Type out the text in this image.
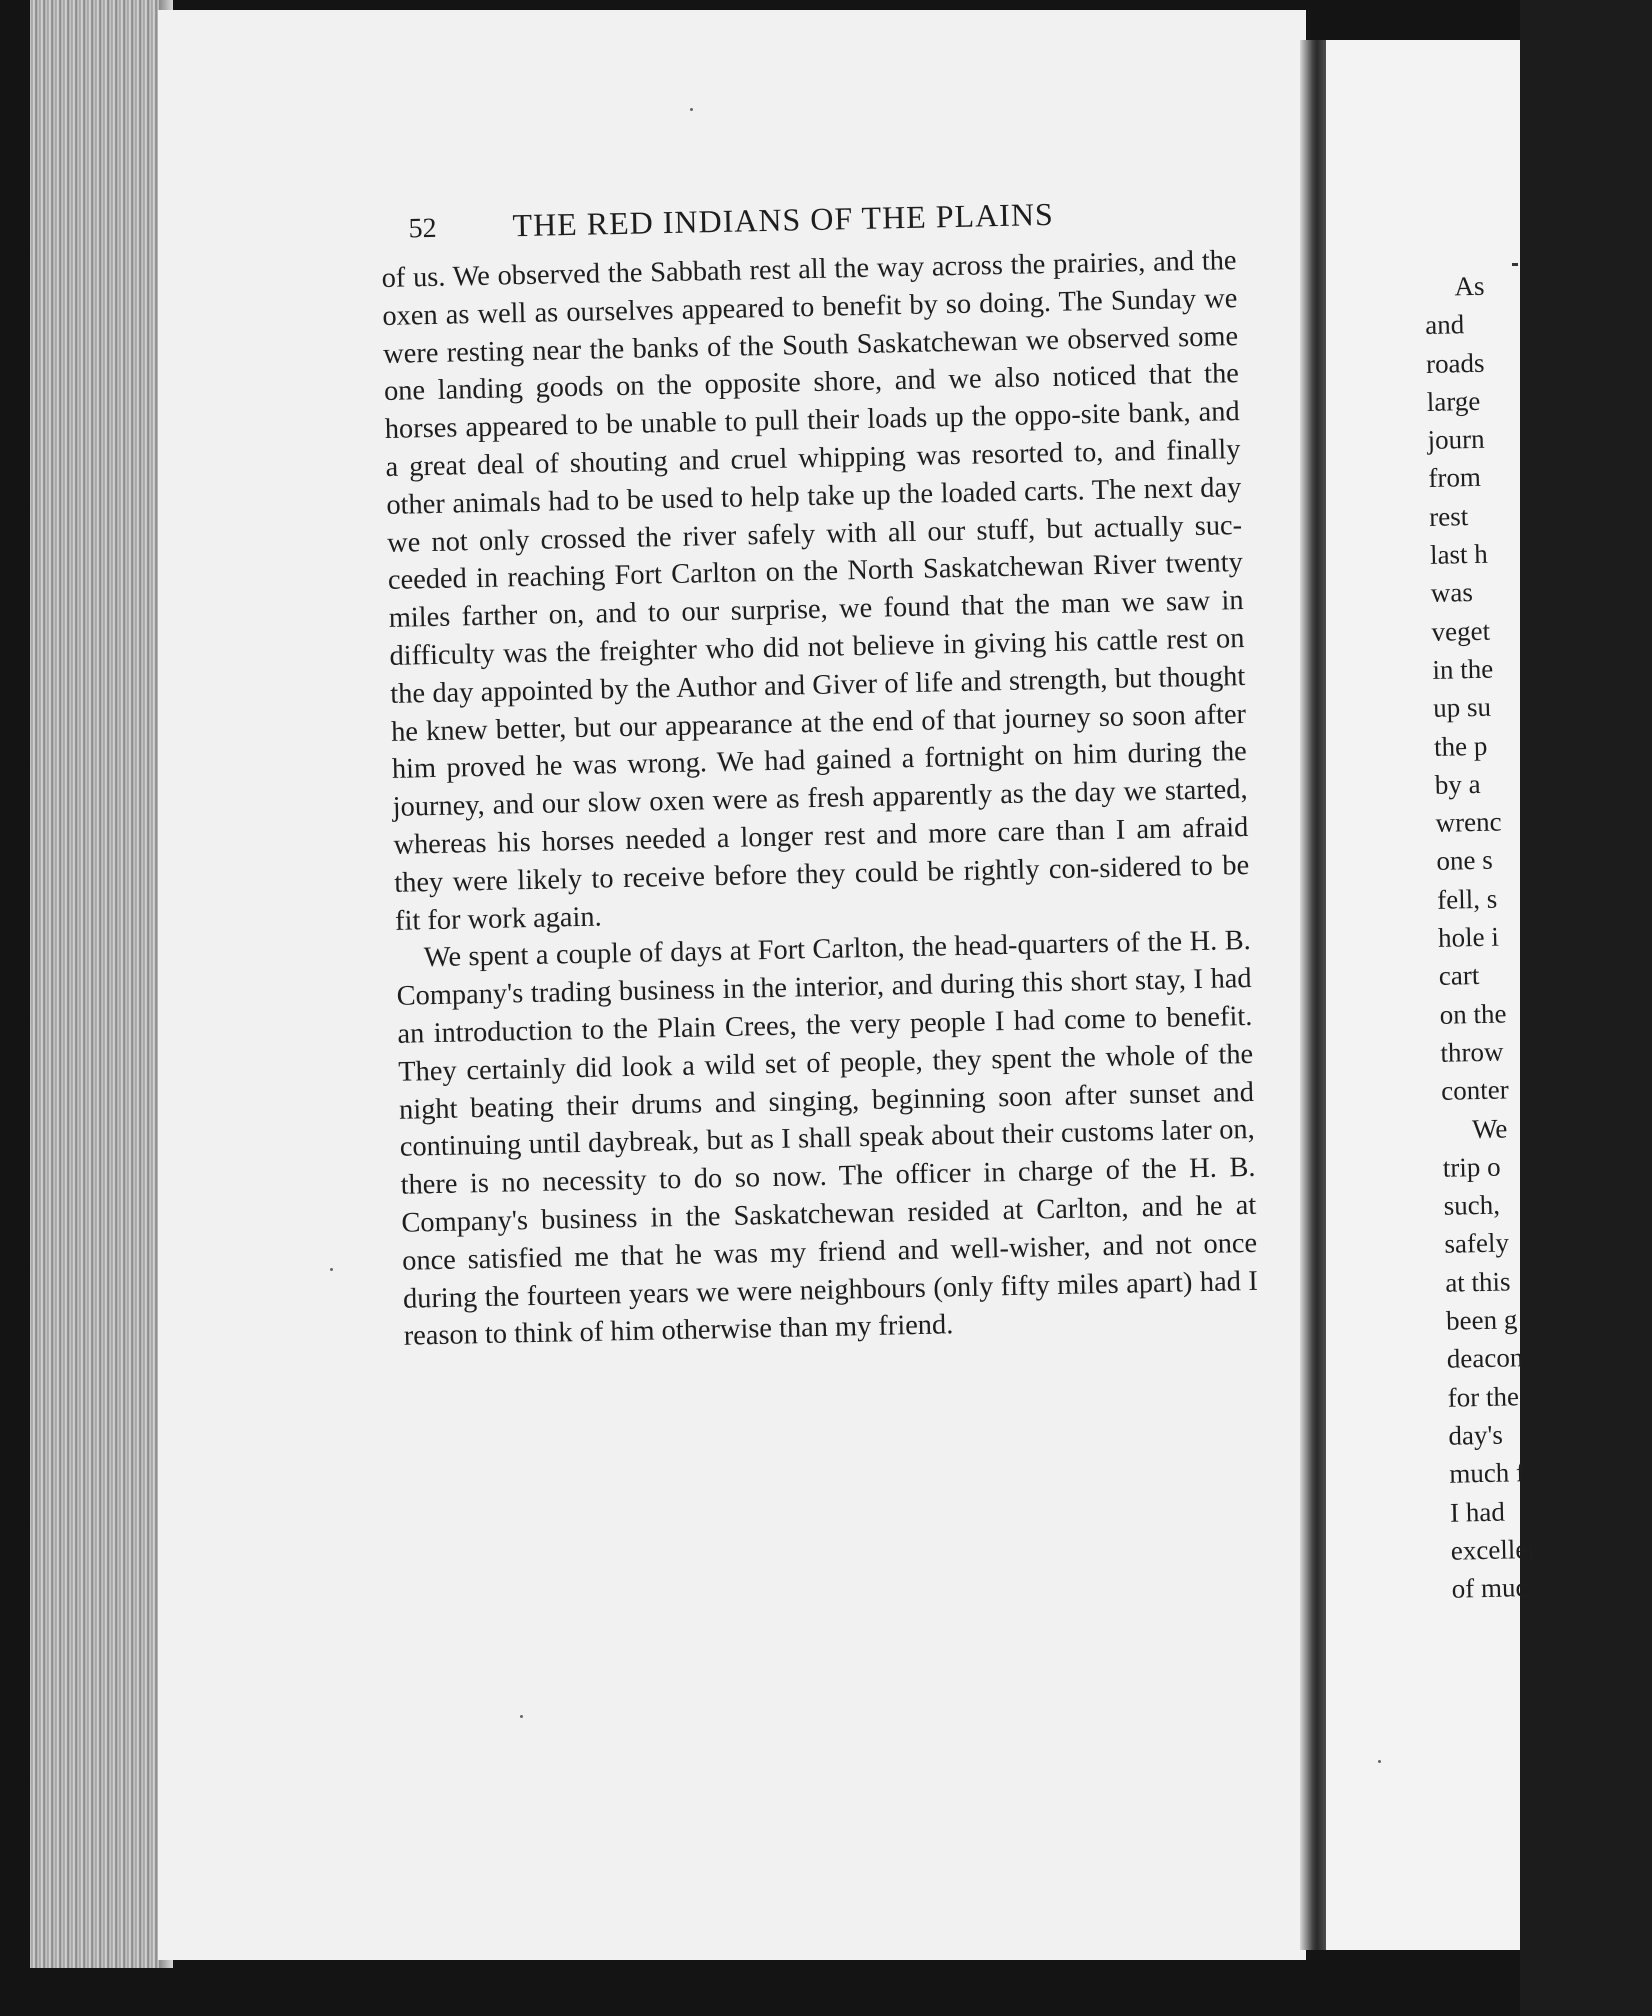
52 THE RED INDIANS OF THE PLAINS

of us. We observed the Sabbath rest all the way across the prairies, and the oxen as well as ourselves appeared to benefit by so doing. The Sunday we were resting near the banks of the South Saskatchewan we observed some one landing goods on the opposite shore, and we also noticed that the horses appeared to be unable to pull their loads up the oppo-site bank, and a great deal of shouting and cruel whipping was resorted to, and finally other animals had to be used to help take up the loaded carts. The next day we not only crossed the river safely with all our stuff, but actually suc-ceeded in reaching Fort Carlton on the North Saskatchewan River twenty miles farther on, and to our surprise, we found that the man we saw in difficulty was the freighter who did not believe in giving his cattle rest on the day appointed by the Author and Giver of life and strength, but thought he knew better, but our appearance at the end of that journey so soon after him proved he was wrong. We had gained a fortnight on him during the journey, and our slow oxen were as fresh apparently as the day we started, whereas his horses needed a longer rest and more care than I am afraid they were likely to receive before they could be rightly con-sidered to be fit for work again.

We spent a couple of days at Fort Carlton, the head-quarters of the H. B. Company's trading business in the interior, and during this short stay, I had an introduction to the Plain Crees, the very people I had come to benefit. They certainly did look a wild set of people, they spent the whole of the night beating their drums and singing, beginning soon after sunset and continuing until daybreak, but as I shall speak about their customs later on, there is no necessity to do so now. The officer in charge of the H. B. Company's business in the Saskatchewan resided at Carlton, and he at once satisfied me that he was my friend and well-wisher, and not once during the fourteen years we were neighbours (only fifty miles apart) had I reason to think of him otherwise than my friend.

As
and
roads
large
journ
from
rest
last h
was
veget
in the
up su
the p
by a
wrenc
one s
fell, s
hole i
cart
on the
throw
conter
We
trip o
such,
safely
at this
been g
deacon
for the
day's
much f
I had
exceller
of muc
